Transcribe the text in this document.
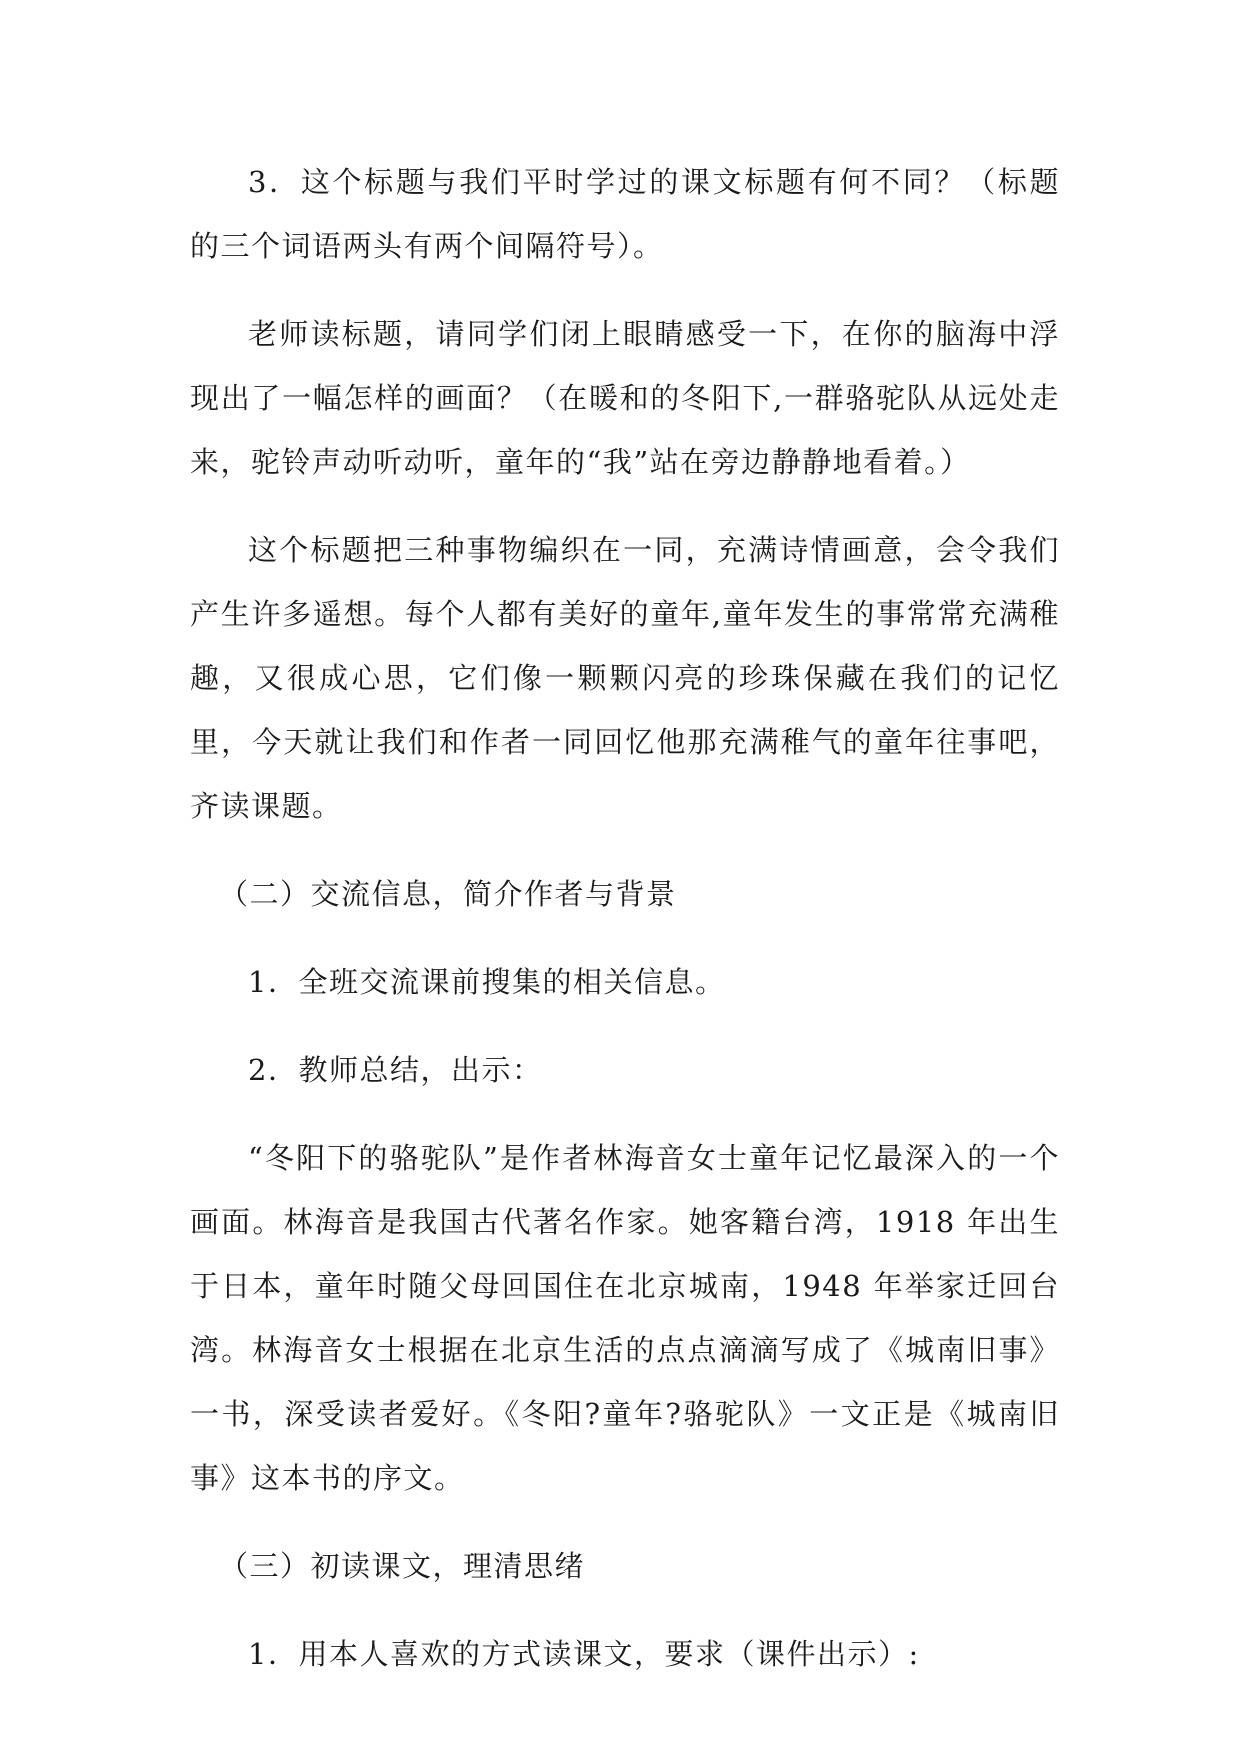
3．这个标题与我们平时学过的课文标题有何不同？（标题的三个词语两头有两个间隔符号）。

老师读标题，请同学们闭上眼睛感受一下，在你的脑海中浮现出了一幅怎样的画面？（在暖和的冬阳下,一群骆驼队从远处走来，驼铃声动听动听，童年的“我”站在旁边静静地看着。）

这个标题把三种事物编织在一同，充满诗情画意，会令我们产生许多遥想。每个人都有美好的童年,童年发生的事常常充满稚趣，又很成心思，它们像一颗颗闪亮的珍珠保藏在我们的记忆里，今天就让我们和作者一同回忆他那充满稚气的童年往事吧，齐读课题。

（二）交流信息，简介作者与背景

1．全班交流课前搜集的相关信息。

2．教师总结，出示：

“冬阳下的骆驼队”是作者林海音女士童年记忆最深入的一个画面。林海音是我国古代著名作家。她客籍台湾，1918 年出生于日本，童年时随父母回国住在北京城南，1948 年举家迁回台湾。林海音女士根据在北京生活的点点滴滴写成了《城南旧事》一书，深受读者爱好。《冬阳?童年?骆驼队》一文正是《城南旧事》这本书的序文。

（三）初读课文，理清思绪

1．用本人喜欢的方式读课文，要求（课件出示）:
